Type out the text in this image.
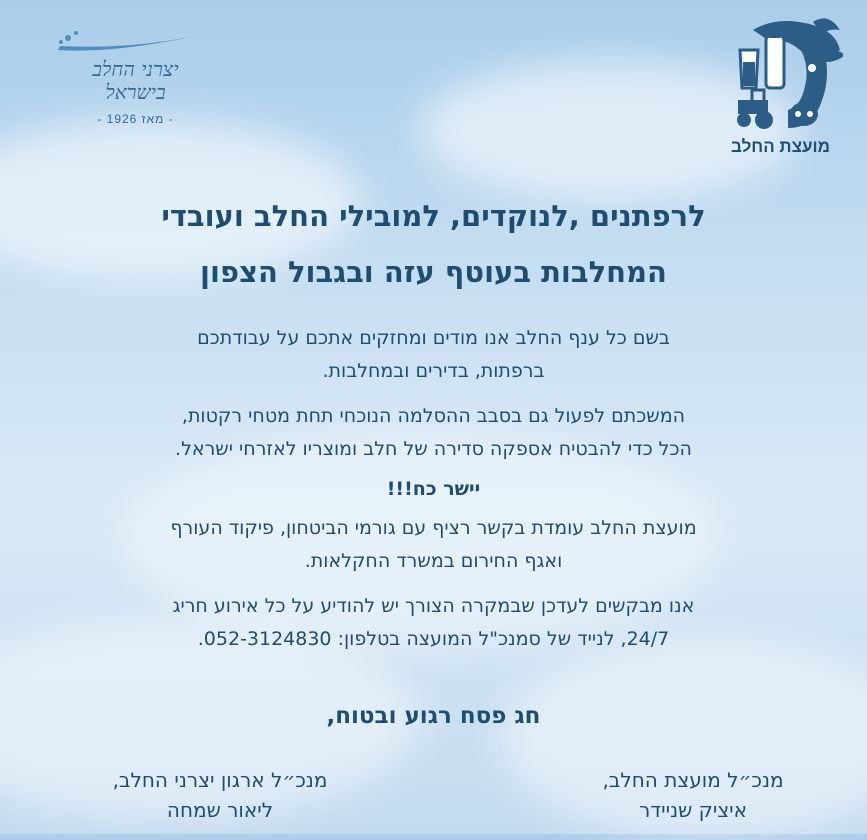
מועצת החלב
יצרני החלב
בישראל
- מאז 1926 -
לרפתנים ,לנוקדים, למובילי החלב ועובדי
המחלבות בעוטף עזה ובגבול הצפון
בשם כל ענף החלב אנו מודים ומחזקים אתכם על עבודתכם
ברפתות, בדירים ובמחלבות.
המשכתם לפעול גם בסבב ההסלמה הנוכחי תחת מטחי רקטות,
הכל כדי להבטיח אספקה סדירה של חלב ומוצריו לאזרחי ישראל.
יישר כח!!!
מועצת החלב עומדת בקשר רציף עם גורמי הביטחון, פיקוד העורף
ואגף החירום במשרד החקלאות.
אנו מבקשים לעדכן שבמקרה הצורך יש להודיע על כל אירוע חריג
24/7, לנייד של סמנכ"ל המועצה בטלפון: 052-3124830.
חג פסח רגוע ובטוח,
מנכ״ל מועצת החלב,
איציק שניידר
מנכ״ל ארגון יצרני החלב,
ליאור שמחה
